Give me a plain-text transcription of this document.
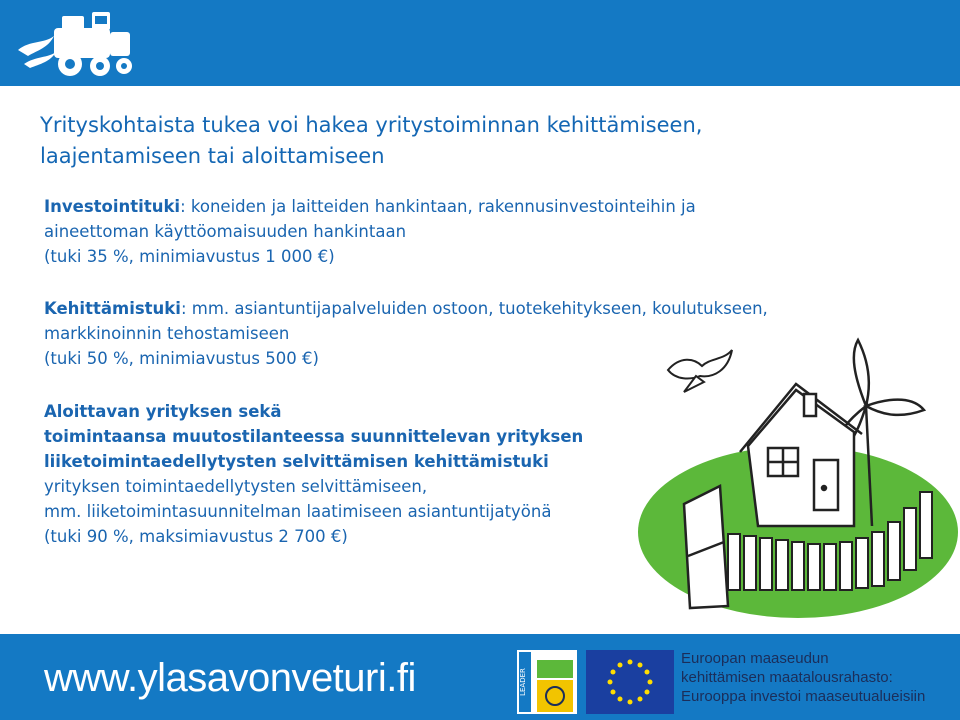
Yrityskohtaista tukea voi hakea yritystoiminnan kehittämiseen,
laajentamiseen tai aloittamiseen
Investointituki: koneiden ja laitteiden hankintaan, rakennusinvestointeihin ja
aineettoman käyttöomaisuuden hankintaan
(tuki 35 %, minimiavustus 1 000 €)
Kehittämistuki: mm. asiantuntijapalveluiden ostoon, tuotekehitykseen, koulutukseen,
markkinoinnin tehostamiseen
(tuki 50 %, minimiavustus 500 €)
Aloittavan yrityksen sekä
toimintaansa muutostilanteessa suunnittelevan yrityksen
liiketoimintaedellytysten selvittämisen kehittämistuki
yrityksen toimintaedellytysten selvittämiseen,
mm. liiketoimintasuunnitelman laatimiseen asiantuntijatyönä
(tuki 90 %, maksimiavustus 2 700 €)
www.ylasavonveturi.fi	LEADER
Euroopan maaseudun
kehittämisen maatalousrahasto:
Eurooppa investoi maaseutualueisiin
